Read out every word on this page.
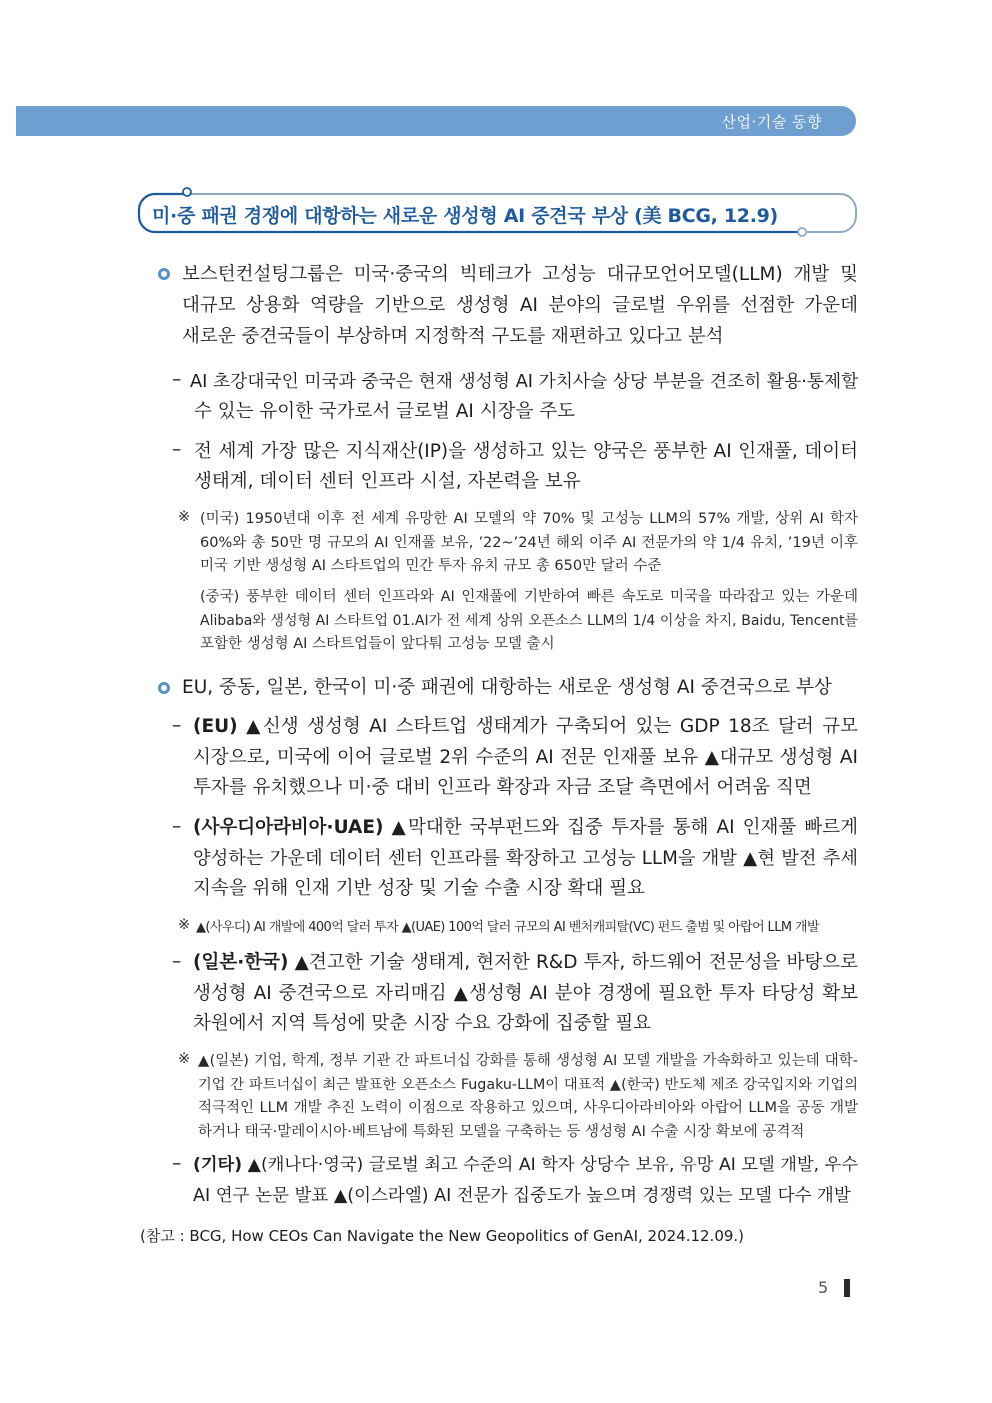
산업·기술 동향
미·중 패권 경쟁에 대항하는 새로운 생성형 AI 중견국 부상 (美 BCG, 12.9)
보스턴컨설팅그룹은 미국·중국의 빅테크가 고성능 대규모언어모델(LLM) 개발 및
대규모 상용화 역량을 기반으로 생성형 AI 분야의 글로벌 우위를 선점한 가운데
새로운 중견국들이 부상하며 지정학적 구도를 재편하고 있다고 분석
– AI 초강대국인 미국과 중국은 현재 생성형 AI 가치사슬 상당 부분을 견조히 활용·통제할
수 있는 유이한 국가로서 글로벌 AI 시장을 주도
– 전 세계 가장 많은 지식재산(IP)을 생성하고 있는 양국은 풍부한 AI 인재풀, 데이터
생태계, 데이터 센터 인프라 시설, 자본력을 보유
※ (미국) 1950년대 이후 전 세계 유망한 AI 모델의 약 70% 및 고성능 LLM의 57% 개발, 상위 AI 학자
60%와 총 50만 명 규모의 AI 인재풀 보유, ’22~’24년 해외 이주 AI 전문가의 약 1/4 유치, ’19년 이후
미국 기반 생성형 AI 스타트업의 민간 투자 유치 규모 총 650만 달러 수준
(중국) 풍부한 데이터 센터 인프라와 AI 인재풀에 기반하여 빠른 속도로 미국을 따라잡고 있는 가운데
Alibaba와 생성형 AI 스타트업 01.AI가 전 세계 상위 오픈소스 LLM의 1/4 이상을 차지, Baidu, Tencent를
포함한 생성형 AI 스타트업들이 앞다퉈 고성능 모델 출시
EU, 중동, 일본, 한국이 미·중 패권에 대항하는 새로운 생성형 AI 중견국으로 부상
– (EU) ▲신생 생성형 AI 스타트업 생태계가 구축되어 있는 GDP 18조 달러 규모
시장으로, 미국에 이어 글로벌 2위 수준의 AI 전문 인재풀 보유 ▲대규모 생성형 AI
투자를 유치했으나 미·중 대비 인프라 확장과 자금 조달 측면에서 어려움 직면
– (사우디아라비아·UAE) ▲막대한 국부펀드와 집중 투자를 통해 AI 인재풀 빠르게
양성하는 가운데 데이터 센터 인프라를 확장하고 고성능 LLM을 개발 ▲현 발전 추세
지속을 위해 인재 기반 성장 및 기술 수출 시장 확대 필요
※ ▲(사우디) AI 개발에 400억 달러 투자 ▲(UAE) 100억 달러 규모의 AI 벤처캐피탈(VC) 펀드 출범 및 아랍어 LLM 개발
– (일본·한국) ▲견고한 기술 생태계, 현저한 R&D 투자, 하드웨어 전문성을 바탕으로
생성형 AI 중견국으로 자리매김 ▲생성형 AI 분야 경쟁에 필요한 투자 타당성 확보
차원에서 지역 특성에 맞춘 시장 수요 강화에 집중할 필요
※ ▲(일본) 기업, 학계, 정부 기관 간 파트너십 강화를 통해 생성형 AI 모델 개발을 가속화하고 있는데 대학-
기업 간 파트너십이 최근 발표한 오픈소스 Fugaku-LLM이 대표적 ▲(한국) 반도체 제조 강국입지와 기업의
적극적인 LLM 개발 추진 노력이 이점으로 작용하고 있으며, 사우디아라비아와 아랍어 LLM을 공동 개발
하거나 태국·말레이시아·베트남에 특화된 모델을 구축하는 등 생성형 AI 수출 시장 확보에 공격적
– (기타) ▲(캐나다·영국) 글로벌 최고 수준의 AI 학자 상당수 보유, 유망 AI 모델 개발, 우수
AI 연구 논문 발표 ▲(이스라엘) AI 전문가 집중도가 높으며 경쟁력 있는 모델 다수 개발
(참고 : BCG, How CEOs Can Navigate the New Geopolitics of GenAI, 2024.12.09.)
5
